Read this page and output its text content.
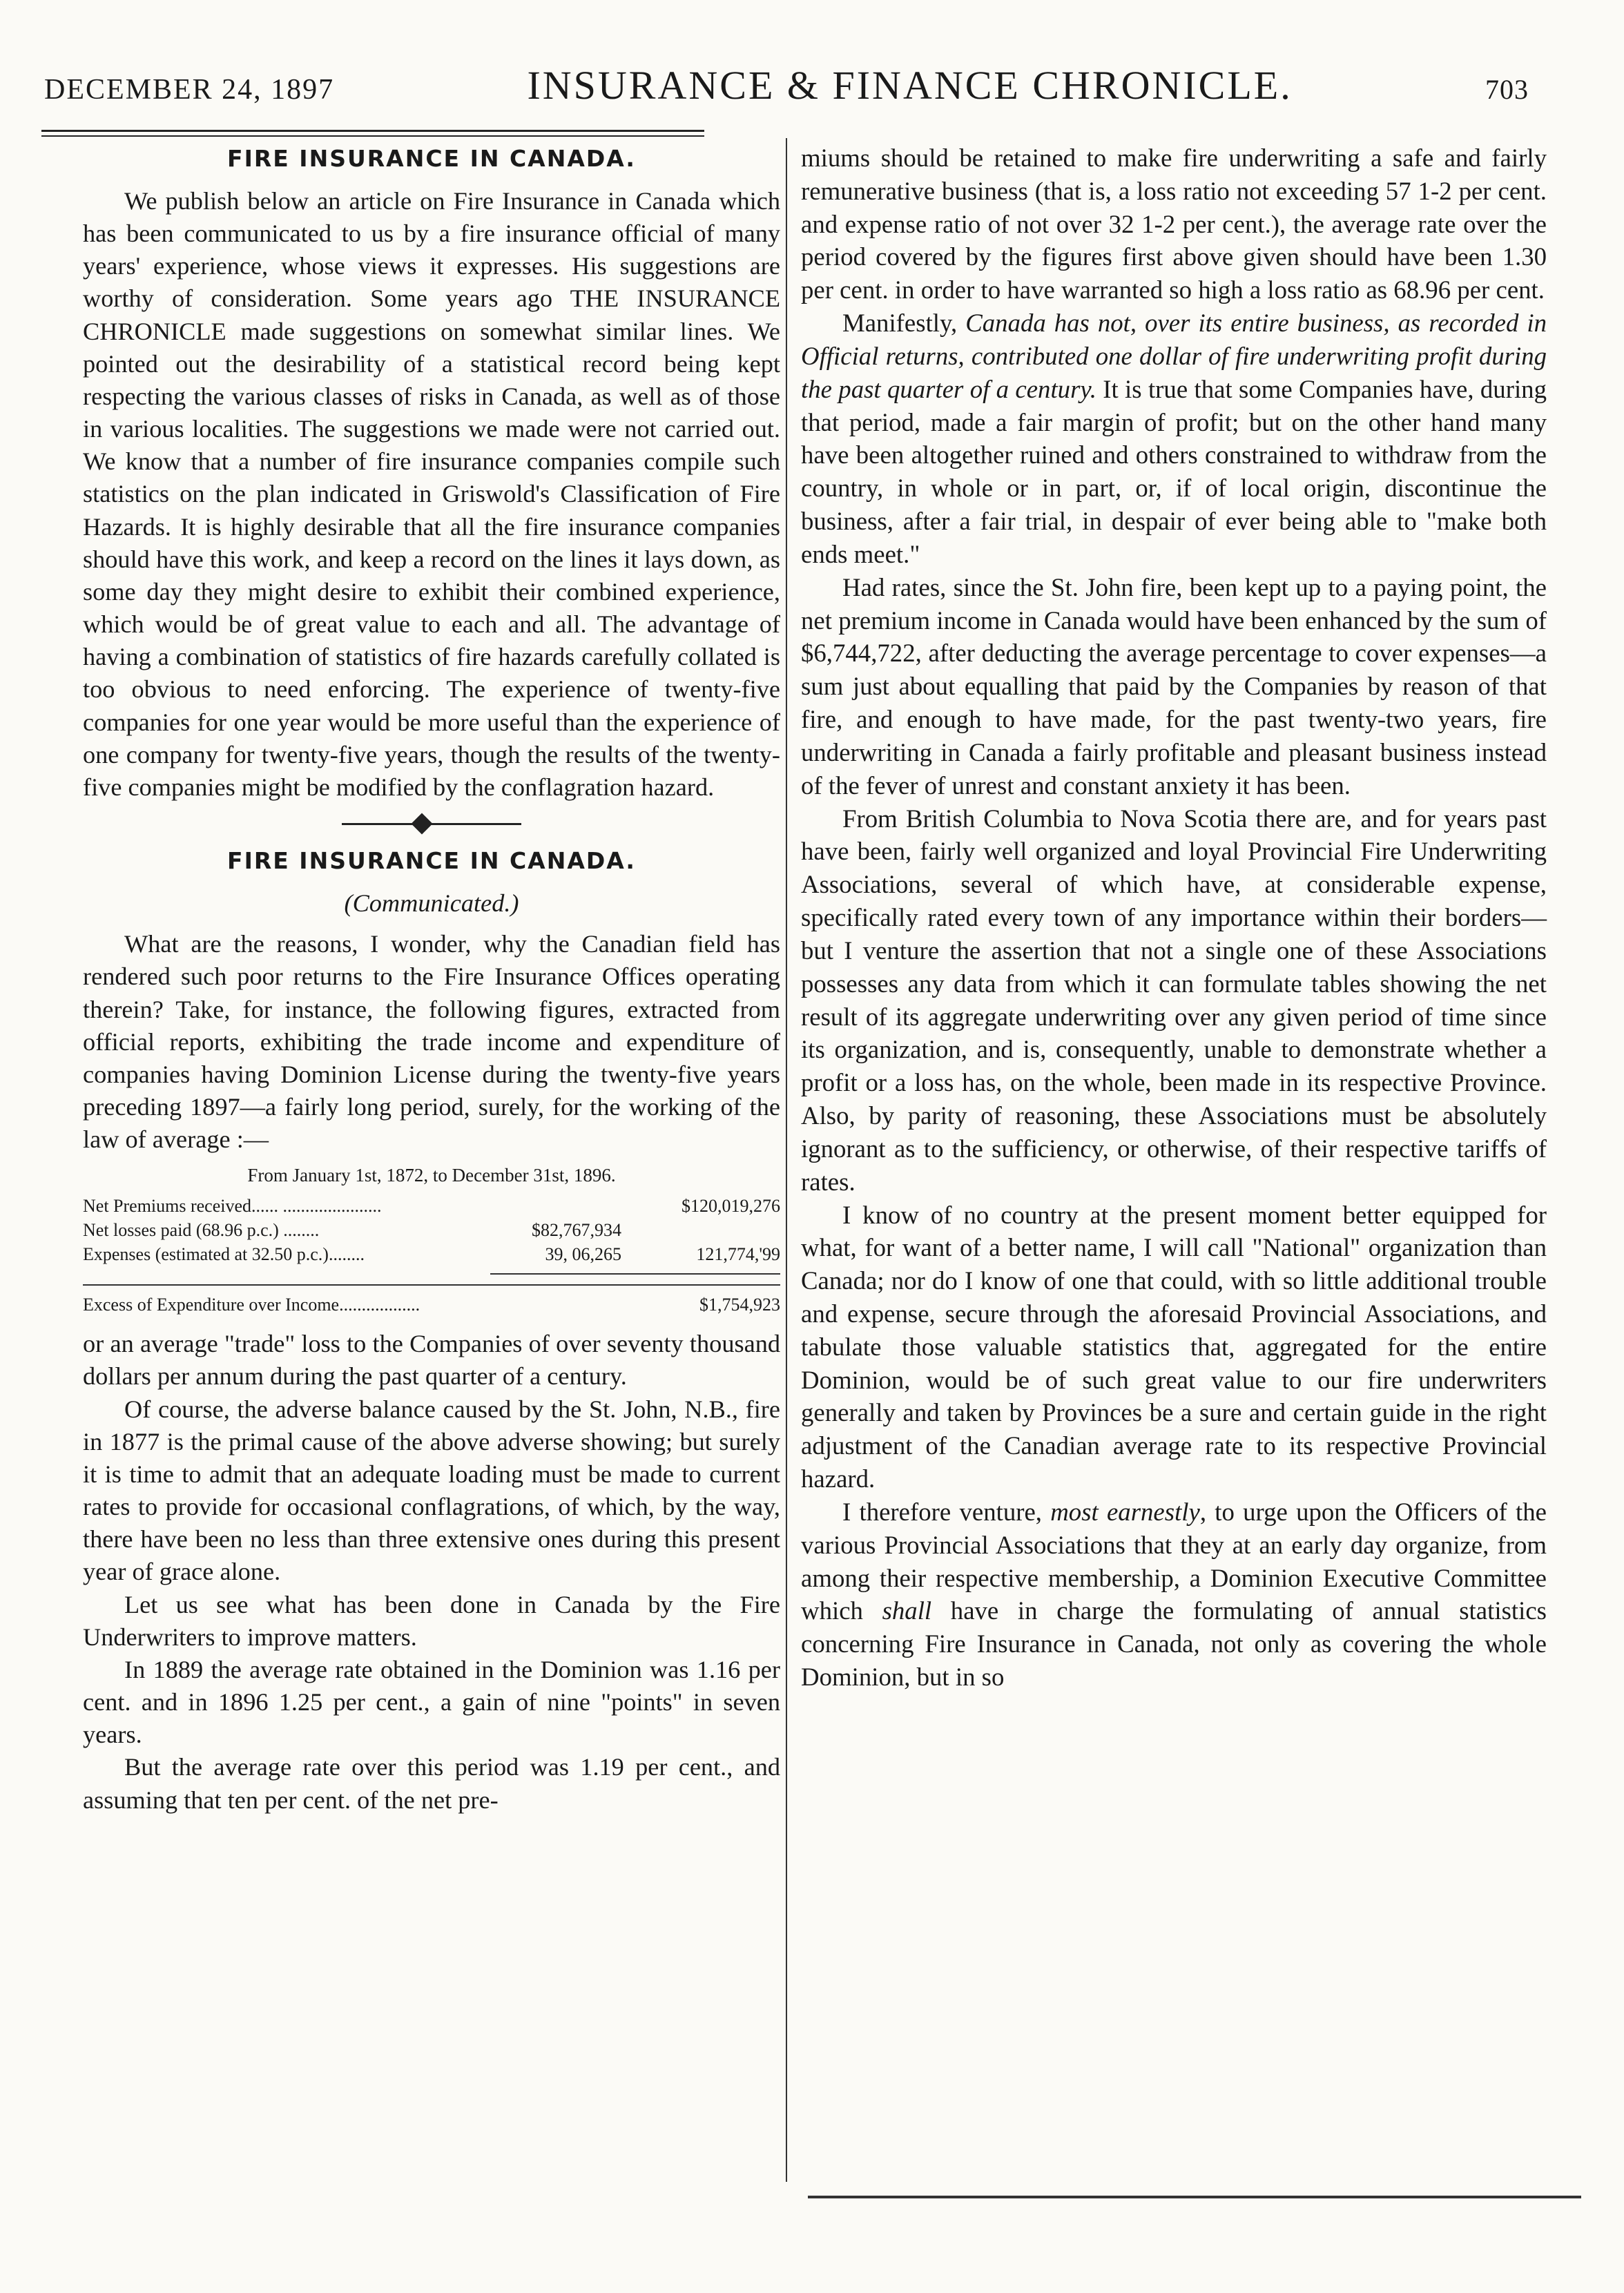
DECEMBER 24, 1897	INSURANCE & FINANCE CHRONICLE.	703
FIRE INSURANCE IN CANADA.

We publish below an article on Fire Insurance in Canada which has been communicated to us by a fire insurance official of many years' experience, whose views it expresses. His suggestions are worthy of consideration. Some years ago THE INSURANCE CHRONICLE made suggestions on somewhat similar lines. We pointed out the desirability of a statistical record being kept respecting the various classes of risks in Canada, as well as of those in various localities. The suggestions we made were not carried out. We know that a number of fire insurance companies compile such statistics on the plan indicated in Griswold's Classification of Fire Hazards. It is highly desirable that all the fire insurance companies should have this work, and keep a record on the lines it lays down, as some day they might desire to exhibit their combined experience, which would be of great value to each and all. The advantage of having a combination of statistics of fire hazards carefully collated is too obvious to need enforcing. The experience of twenty-five companies for one year would be more useful than the experience of one company for twenty-five years, though the results of the twenty-five companies might be modified by the conflagration hazard.

FIRE INSURANCE IN CANADA.

(Communicated.)

What are the reasons, I wonder, why the Canadian field has rendered such poor returns to the Fire Insurance Offices operating therein? Take, for instance, the following figures, extracted from official reports, exhibiting the trade income and expenditure of companies having Dominion License during the twenty-five years preceding 1897—a fairly long period, surely, for the working of the law of average :—

From January 1st, 1872, to December 31st, 1896.
Net Premiums received...... ......................	$120,019,276
Net losses paid (68.96 p.c.) ........	$82,767,934
Expenses (estimated at 32.50 p.c.)........	39, 06,265	121,774,'99
Excess of Expenditure over Income..................	$1,754,923

or an average "trade" loss to the Companies of over seventy thousand dollars per annum during the past quarter of a century.

Of course, the adverse balance caused by the St. John, N.B., fire in 1877 is the primal cause of the above adverse showing; but surely it is time to admit that an adequate loading must be made to current rates to provide for occasional conflagrations, of which, by the way, there have been no less than three extensive ones during this present year of grace alone.

Let us see what has been done in Canada by the Fire Underwriters to improve matters.

In 1889 the average rate obtained in the Dominion was 1.16 per cent. and in 1896 1.25 per cent., a gain of nine "points" in seven years.

But the average rate over this period was 1.19 per cent., and assuming that ten per cent. of the net pre-

miums should be retained to make fire underwriting a safe and fairly remunerative business (that is, a loss ratio not exceeding 57 1-2 per cent. and expense ratio of not over 32 1-2 per cent.), the average rate over the period covered by the figures first above given should have been 1.30 per cent. in order to have warranted so high a loss ratio as 68.96 per cent.

Manifestly, Canada has not, over its entire business, as recorded in Official returns, contributed one dollar of fire underwriting profit during the past quarter of a century. It is true that some Companies have, during that period, made a fair margin of profit; but on the other hand many have been altogether ruined and others constrained to withdraw from the country, in whole or in part, or, if of local origin, discontinue the business, after a fair trial, in despair of ever being able to "make both ends meet."

Had rates, since the St. John fire, been kept up to a paying point, the net premium income in Canada would have been enhanced by the sum of $6,744,722, after deducting the average percentage to cover expenses—a sum just about equalling that paid by the Companies by reason of that fire, and enough to have made, for the past twenty-two years, fire underwriting in Canada a fairly profitable and pleasant business instead of the fever of unrest and constant anxiety it has been.

From British Columbia to Nova Scotia there are, and for years past have been, fairly well organized and loyal Provincial Fire Underwriting Associations, several of which have, at considerable expense, specifically rated every town of any importance within their borders—but I venture the assertion that not a single one of these Associations possesses any data from which it can formulate tables showing the net result of its aggregate underwriting over any given period of time since its organization, and is, consequently, unable to demonstrate whether a profit or a loss has, on the whole, been made in its respective Province. Also, by parity of reasoning, these Associations must be absolutely ignorant as to the sufficiency, or otherwise, of their respective tariffs of rates.

I know of no country at the present moment better equipped for what, for want of a better name, I will call "National" organization than Canada; nor do I know of one that could, with so little additional trouble and expense, secure through the aforesaid Provincial Associations, and tabulate those valuable statistics that, aggregated for the entire Dominion, would be of such great value to our fire underwriters generally and taken by Provinces be a sure and certain guide in the right adjustment of the Canadian average rate to its respective Provincial hazard.

I therefore venture, most earnestly, to urge upon the Officers of the various Provincial Associations that they at an early day organize, from among their respective membership, a Dominion Executive Committee which shall have in charge the formulating of annual statistics concerning Fire Insurance in Canada, not only as covering the whole Dominion, but in so
